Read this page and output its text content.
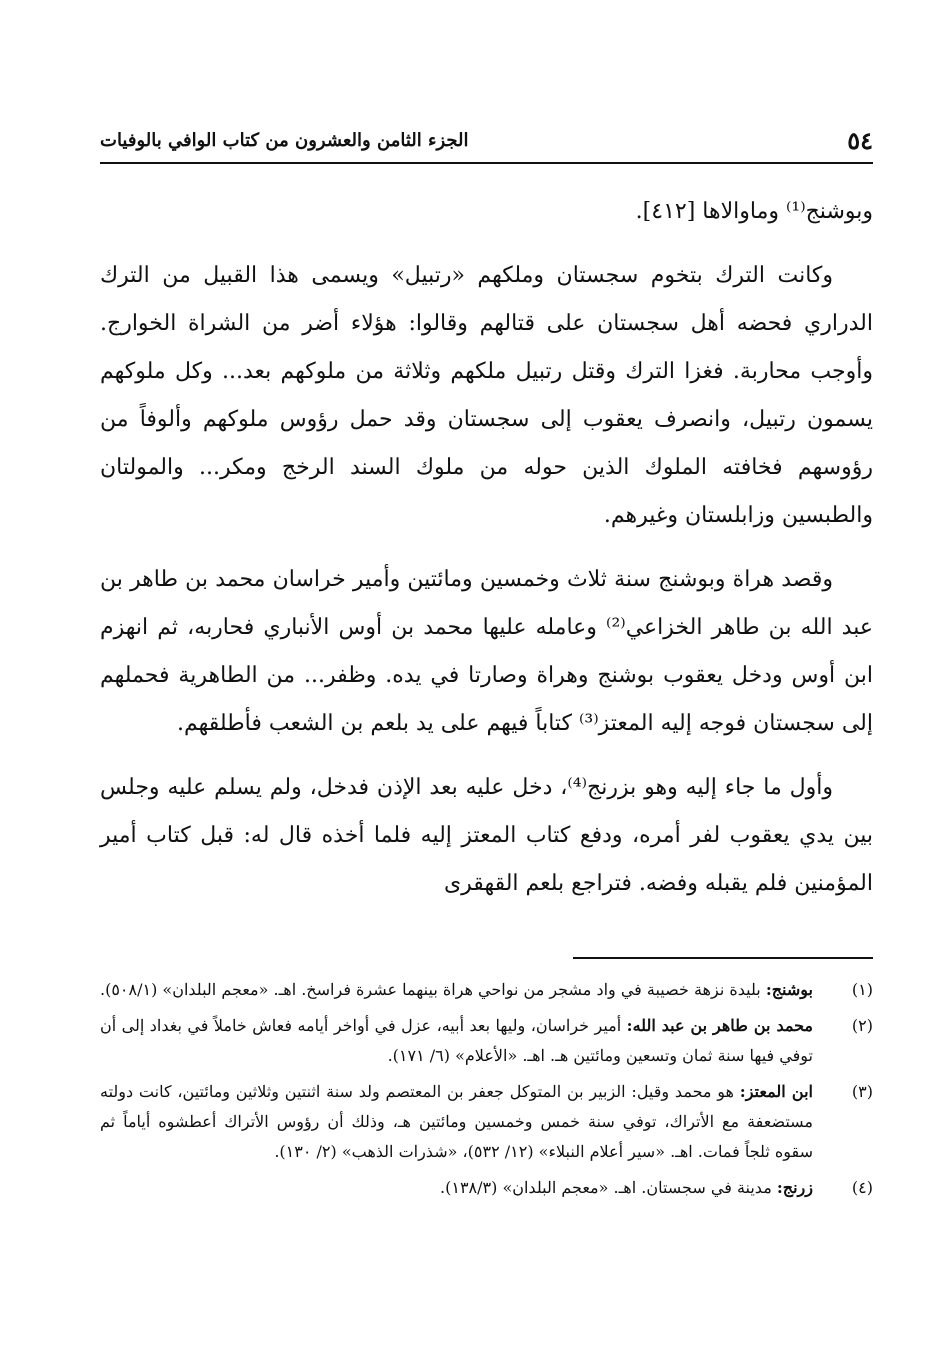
٥٤
الجزء الثامن والعشرون من كتاب الوافي بالوفيات

وبوشنج⁽¹⁾ وماوالاها [٤١٢].

وكانت الترك بتخوم سجستان وملكهم «رتبيل» ويسمى هذا القبيل من الترك الدراري فحضه أهل سجستان على قتالهم وقالوا: هؤلاء أضر من الشراة الخوارج. وأوجب محاربة. فغزا الترك وقتل رتبيل ملكهم وثلاثة من ملوكهم بعد... وكل ملوكهم يسمون رتبيل، وانصرف يعقوب إلى سجستان وقد حمل رؤوس ملوكهم وألوفاً من رؤوسهم فخافته الملوك الذين حوله من ملوك السند الرخج ومكر... والمولتان والطبسين وزابلستان وغيرهم.

وقصد هراة وبوشنج سنة ثلاث وخمسين ومائتين وأمير خراسان محمد بن طاهر بن عبد الله بن طاهر الخزاعي⁽²⁾ وعامله عليها محمد بن أوس الأنباري فحاربه، ثم انهزم ابن أوس ودخل يعقوب بوشنج وهراة وصارتا في يده. وظفر... من الطاهرية فحملهم إلى سجستان فوجه إليه المعتز⁽³⁾ كتاباً فيهم على يد بلعم بن الشعب فأطلقهم.

وأول ما جاء إليه وهو بزرنج⁽⁴⁾، دخل عليه بعد الإذن فدخل، ولم يسلم عليه وجلس بين يدي يعقوب لفر أمره، ودفع كتاب المعتز إليه فلما أخذه قال له: قبل كتاب أمير المؤمنين فلم يقبله وفضه. فتراجع بلعم القهقرى

(١)
بوشنج: بليدة نزهة خصيبة في واد مشجر من نواحي هراة بينهما عشرة فراسخ. اهـ. «معجم البلدان» (٥٠٨/١).
(٢)
محمد بن طاهر بن عبد الله: أمير خراسان، وليها بعد أبيه، عزل في أواخر أيامه فعاش خاملاً في بغداد إلى أن توفي فيها سنة ثمان وتسعين ومائتين هـ. اهـ. «الأعلام» (٦/ ١٧١).
(٣)
ابن المعتز: هو محمد وقيل: الزبير بن المتوكل جعفر بن المعتصم ولد سنة اثنتين وثلاثين ومائتين، كانت دولته مستضعفة مع الأتراك، توفي سنة خمس وخمسين ومائتين هـ، وذلك أن رؤوس الأتراك أعطشوه أياماً ثم سقوه ثلجاً فمات. اهـ. «سير أعلام النبلاء» (١٢/ ٥٣٢)، «شذرات الذهب» (٢/ ١٣٠).
(٤)
زرنج: مدينة في سجستان. اهـ. «معجم البلدان» (١٣٨/٣).
